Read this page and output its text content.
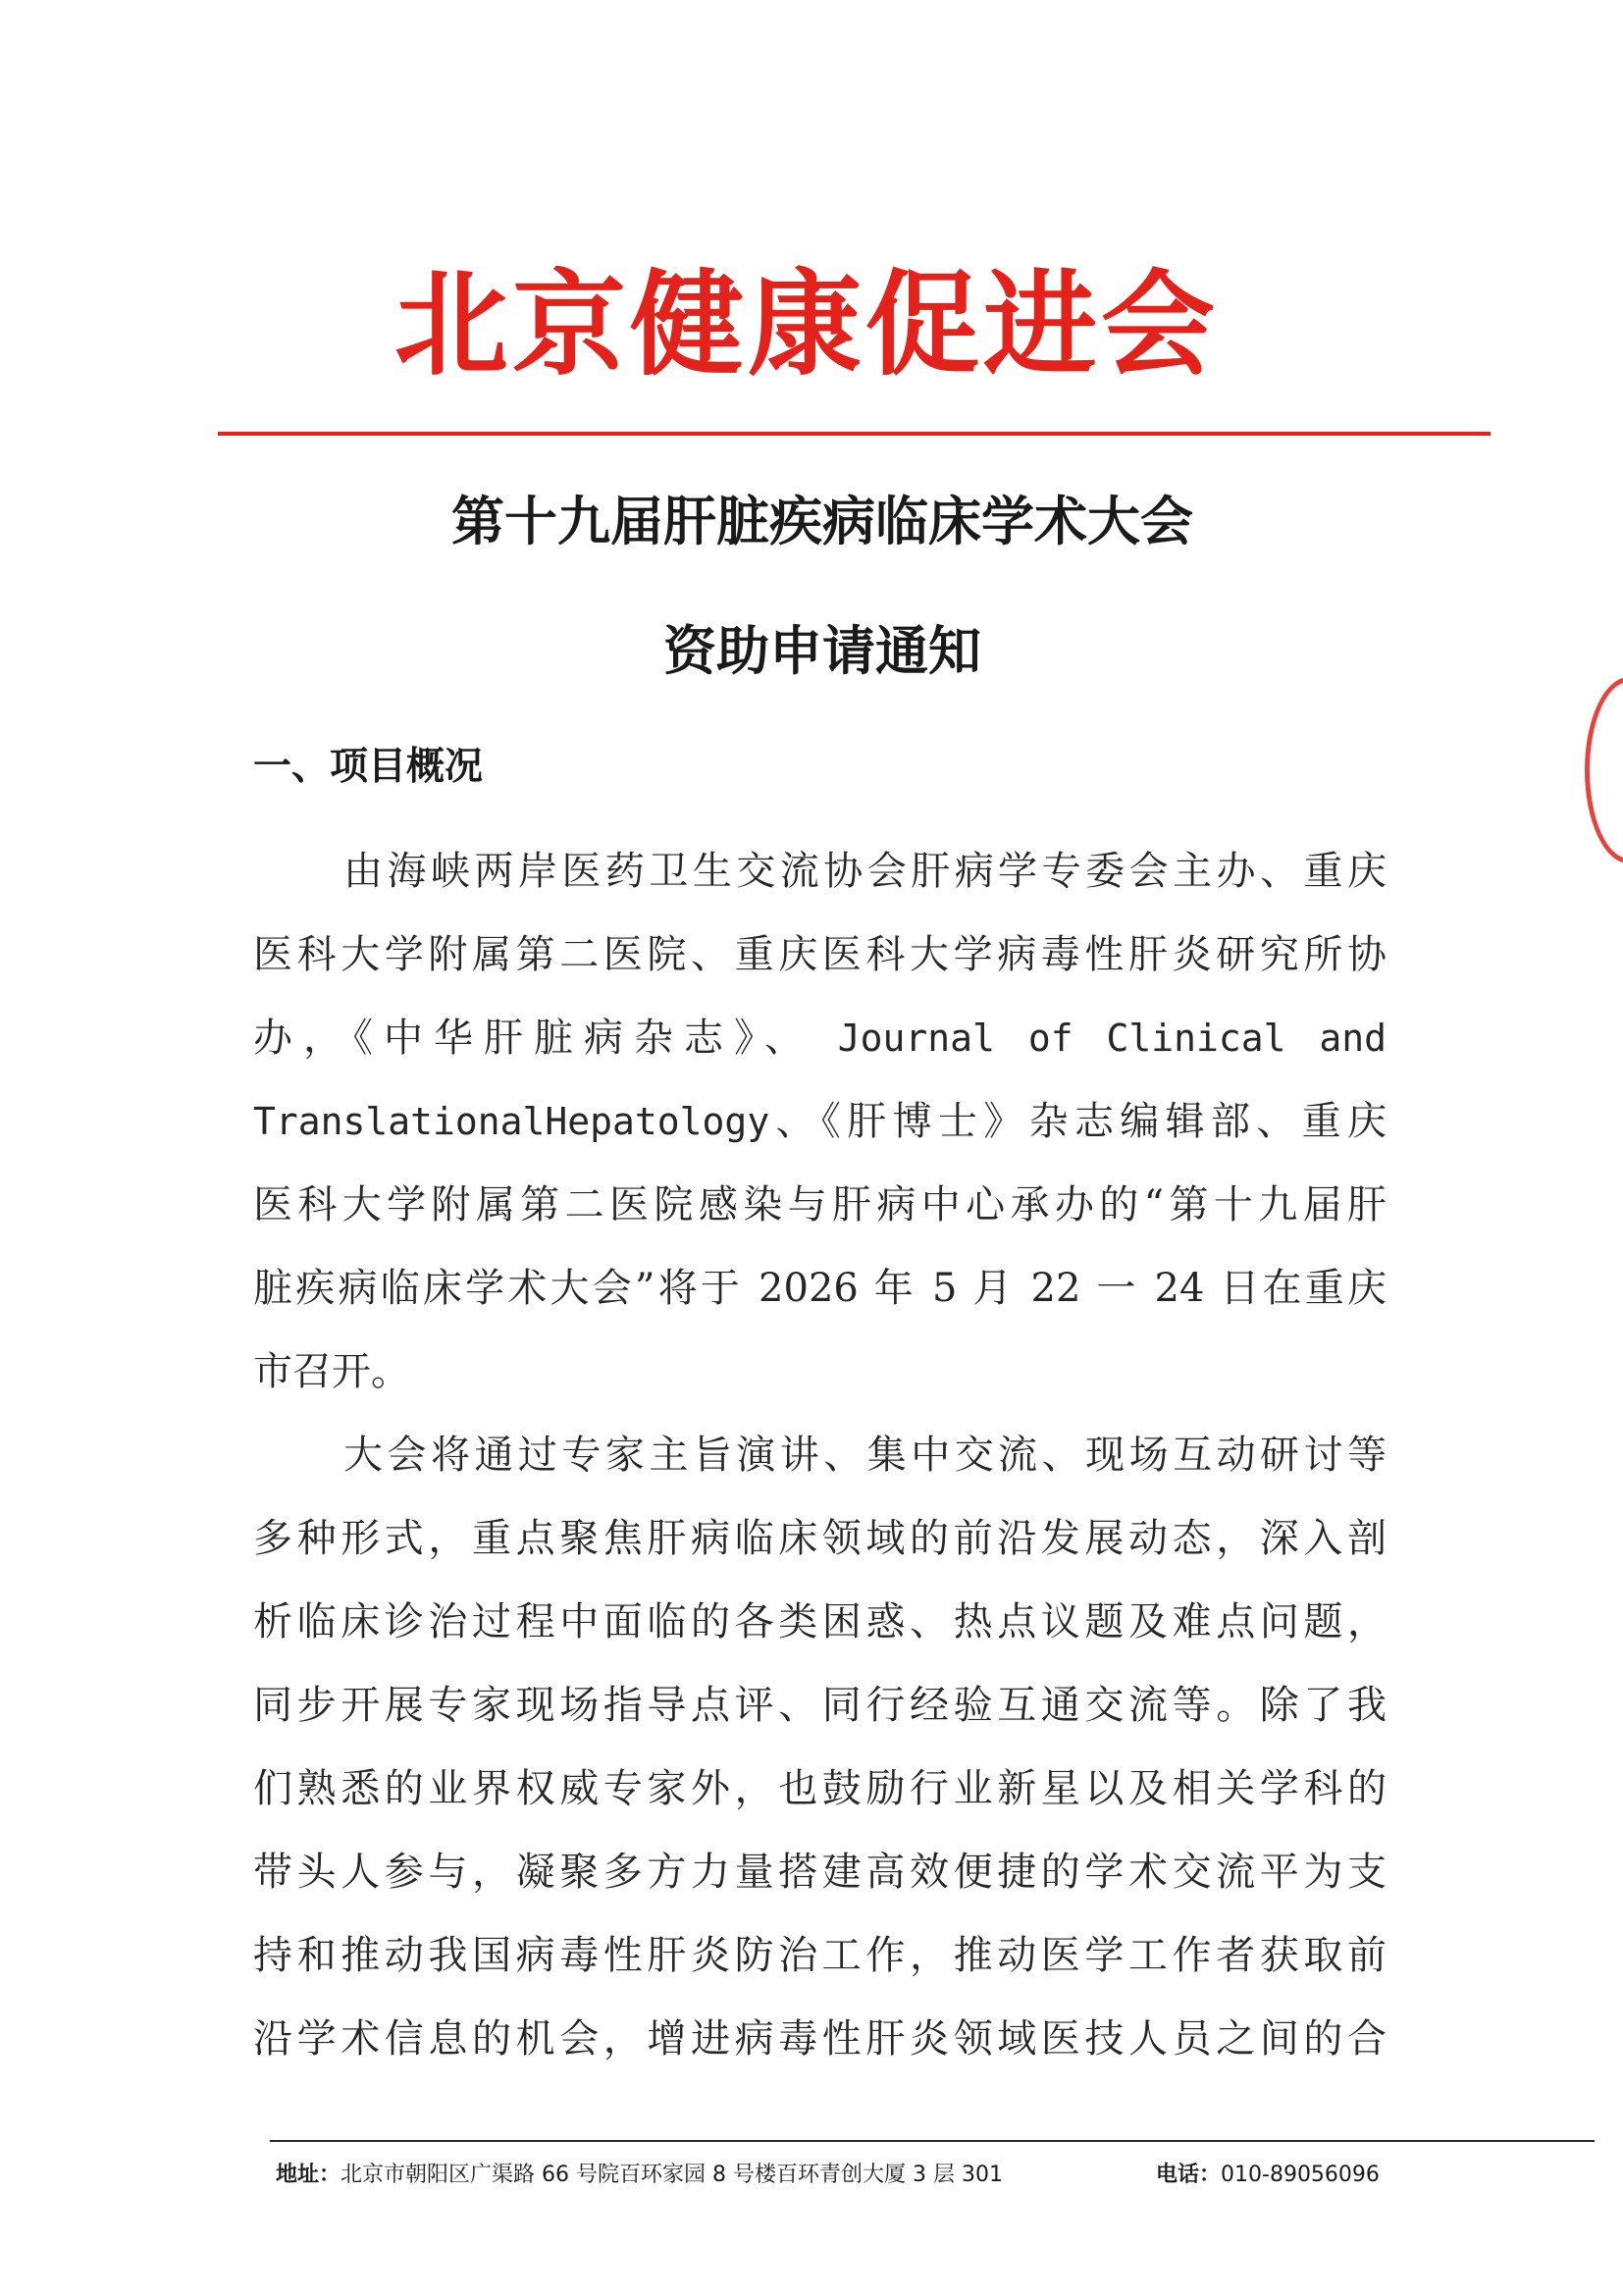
北京健康促进会
第十九届肝脏疾病临床学术大会
资助申请通知
一、项目概况

由海峡两岸医药卫生交流协会肝病学专委会主办、重庆

医科大学附属第二医院、重庆医科大学病毒性肝炎研究所协

办，《中华肝脏病杂志》、 Journal of Clinical and

TranslationalHepatology、《肝博士》杂志编辑部、重庆

医科大学附属第二医院感染与肝病中心承办的“第十九届肝

脏疾病临床学术大会”将于 2026 年 5 月 22 一 24 日在重庆

市召开。

大会将通过专家主旨演讲、集中交流、现场互动研讨等

多种形式，重点聚焦肝病临床领域的前沿发展动态，深入剖

析临床诊治过程中面临的各类困惑、热点议题及难点问题，

同步开展专家现场指导点评、同行经验互通交流等。除了我

们熟悉的业界权威专家外，也鼓励行业新星以及相关学科的

带头人参与，凝聚多方力量搭建高效便捷的学术交流平为支

持和推动我国病毒性肝炎防治工作，推动医学工作者获取前

沿学术信息的机会，增进病毒性肝炎领域医技人员之间的合

地址：北京市朝阳区广渠路 66 号院百环家园 8 号楼百环青创大厦 3 层 301	电话：010-89056096
